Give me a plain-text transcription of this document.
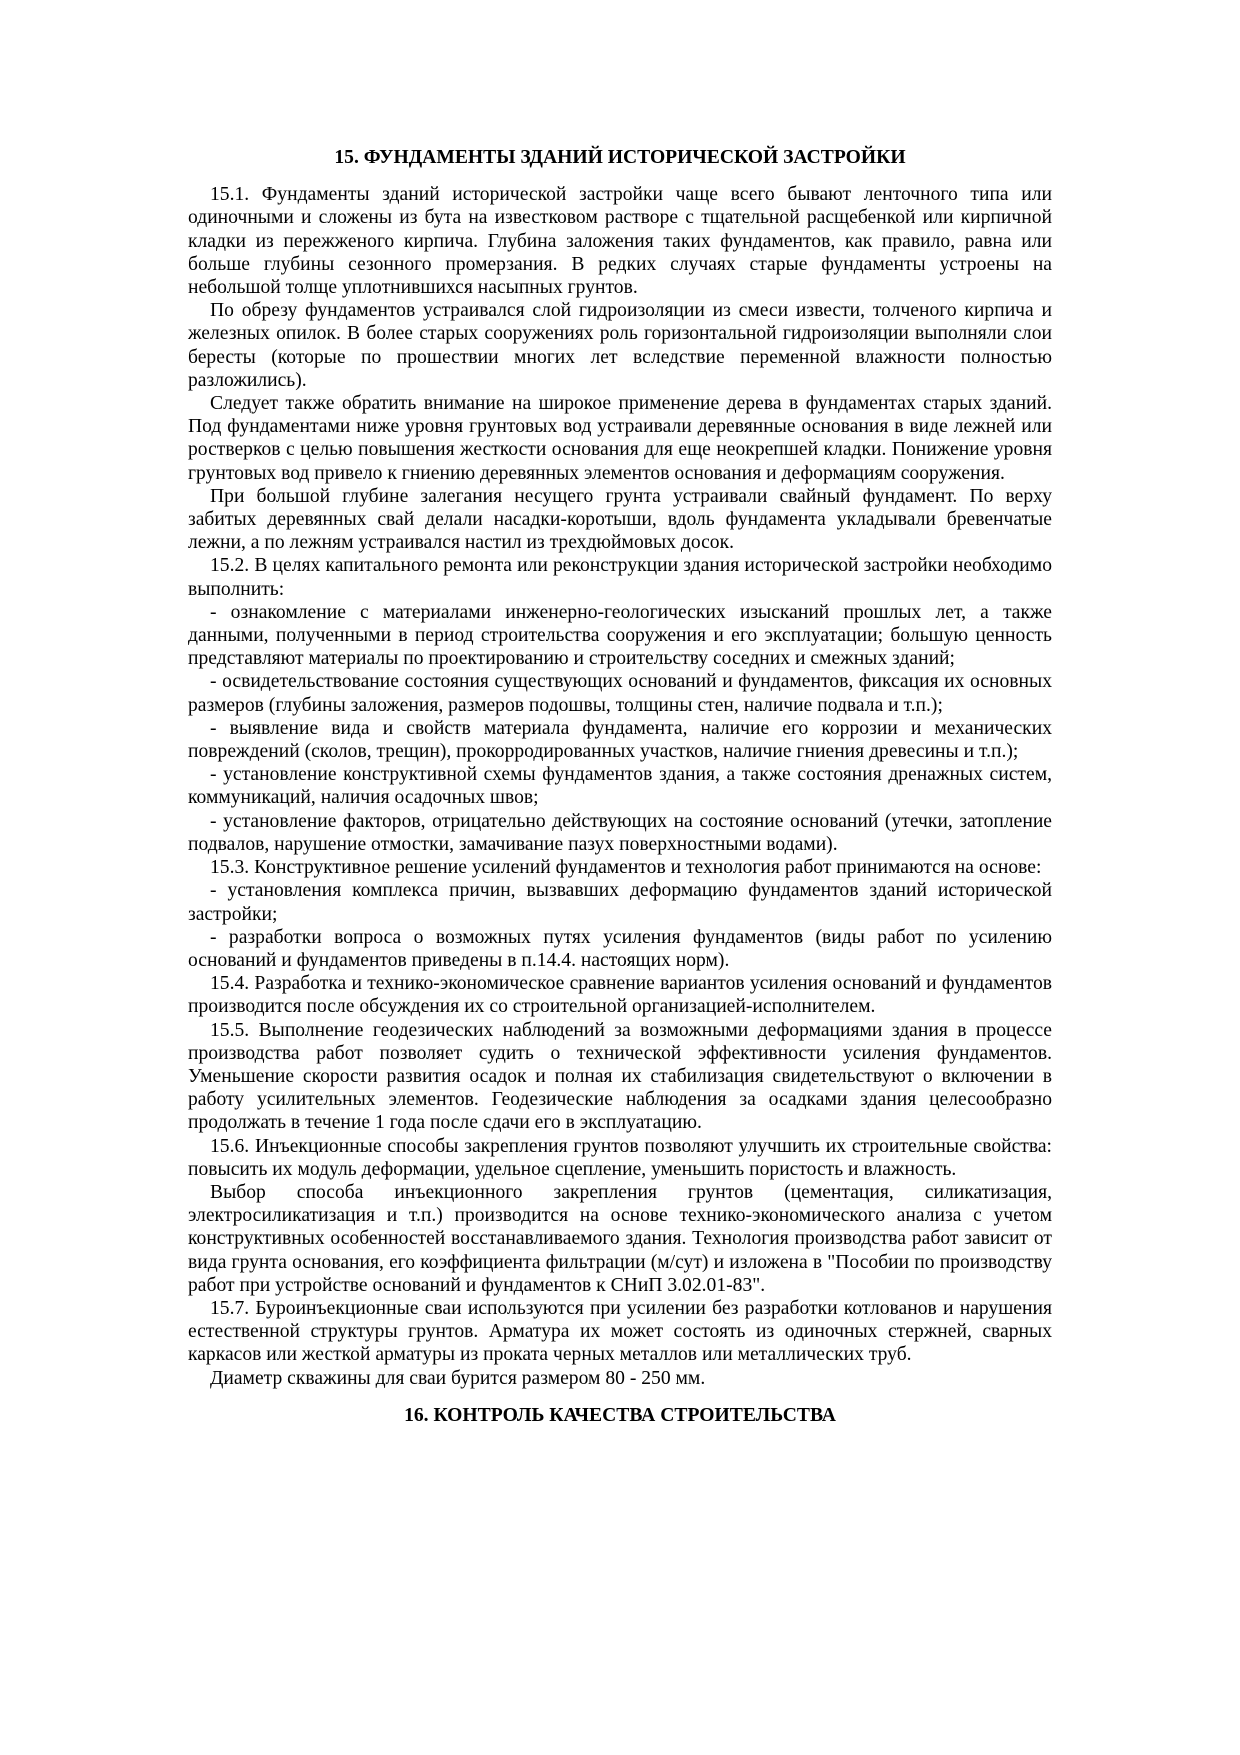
15. ФУНДАМЕНТЫ ЗДАНИЙ ИСТОРИЧЕСКОЙ ЗАСТРОЙКИ

15.1. Фундаменты зданий исторической застройки чаще всего бывают ленточного типа или одиночными и сложены из бута на известковом растворе с тщательной расщебенкой или кирпичной кладки из пережженого кирпича. Глубина заложения таких фундаментов, как правило, равна или больше глубины сезонного промерзания. В редких случаях старые фундаменты устроены на небольшой толще уплотнившихся насыпных грунтов.

По обрезу фундаментов устраивался слой гидроизоляции из смеси извести, толченого кирпича и железных опилок. В более старых сооружениях роль горизонтальной гидроизоляции выполняли слои бересты (которые по прошествии многих лет вследствие переменной влажности полностью разложились).

Следует также обратить внимание на широкое применение дерева в фундаментах старых зданий. Под фундаментами ниже уровня грунтовых вод устраивали деревянные основания в виде лежней или ростверков с целью повышения жесткости основания для еще неокрепшей кладки. Понижение уровня грунтовых вод привело к гниению деревянных элементов основания и деформациям сооружения.

При большой глубине залегания несущего грунта устраивали свайный фундамент. По верху забитых деревянных свай делали насадки-коротыши, вдоль фундамента укладывали бревенчатые лежни, а по лежням устраивался настил из трехдюймовых досок.

15.2. В целях капитального ремонта или реконструкции здания исторической застройки необходимо выполнить:

- ознакомление с материалами инженерно-геологических изысканий прошлых лет, а также данными, полученными в период строительства сооружения и его эксплуатации; большую ценность представляют материалы по проектированию и строительству соседних и смежных зданий;

- освидетельствование состояния существующих оснований и фундаментов, фиксация их основных размеров (глубины заложения, размеров подошвы, толщины стен, наличие подвала и т.п.);

- выявление вида и свойств материала фундамента, наличие его коррозии и механических повреждений (сколов, трещин), прокорродированных участков, наличие гниения древесины и т.п.);

- установление конструктивной схемы фундаментов здания, а также состояния дренажных систем, коммуникаций, наличия осадочных швов;

- установление факторов, отрицательно действующих на состояние оснований (утечки, затопление подвалов, нарушение отмостки, замачивание пазух поверхностными водами).

15.3. Конструктивное решение усилений фундаментов и технология работ принимаются на основе:

- установления комплекса причин, вызвавших деформацию фундаментов зданий исторической застройки;

- разработки вопроса о возможных путях усиления фундаментов (виды работ по усилению оснований и фундаментов приведены в п.14.4. настоящих норм).

15.4. Разработка и технико-экономическое сравнение вариантов усиления оснований и фундаментов производится после обсуждения их со строительной организацией-исполнителем.

15.5. Выполнение геодезических наблюдений за возможными деформациями здания в процессе производства работ позволяет судить о технической эффективности усиления фундаментов. Уменьшение скорости развития осадок и полная их стабилизация свидетельствуют о включении в работу усилительных элементов. Геодезические наблюдения за осадками здания целесообразно продолжать в течение 1 года после сдачи его в эксплуатацию.

15.6. Инъекционные способы закрепления грунтов позволяют улучшить их строительные свойства: повысить их модуль деформации, удельное сцепление, уменьшить пористость и влажность.

Выбор способа инъекционного закрепления грунтов (цементация, силикатизация, электросиликатизация и т.п.) производится на основе технико-экономического анализа с учетом конструктивных особенностей восстанавливаемого здания. Технология производства работ зависит от вида грунта основания, его коэффициента фильтрации (м/сут) и изложена в "Пособии по производству работ при устройстве оснований и фундаментов к СНиП 3.02.01-83".

15.7. Буроинъекционные сваи используются при усилении без разработки котлованов и нарушения естественной структуры грунтов. Арматура их может состоять из одиночных стержней, сварных каркасов или жесткой арматуры из проката черных металлов или металлических труб.

Диаметр скважины для сваи бурится размером 80 - 250 мм.

16. КОНТРОЛЬ КАЧЕСТВА СТРОИТЕЛЬСТВА
